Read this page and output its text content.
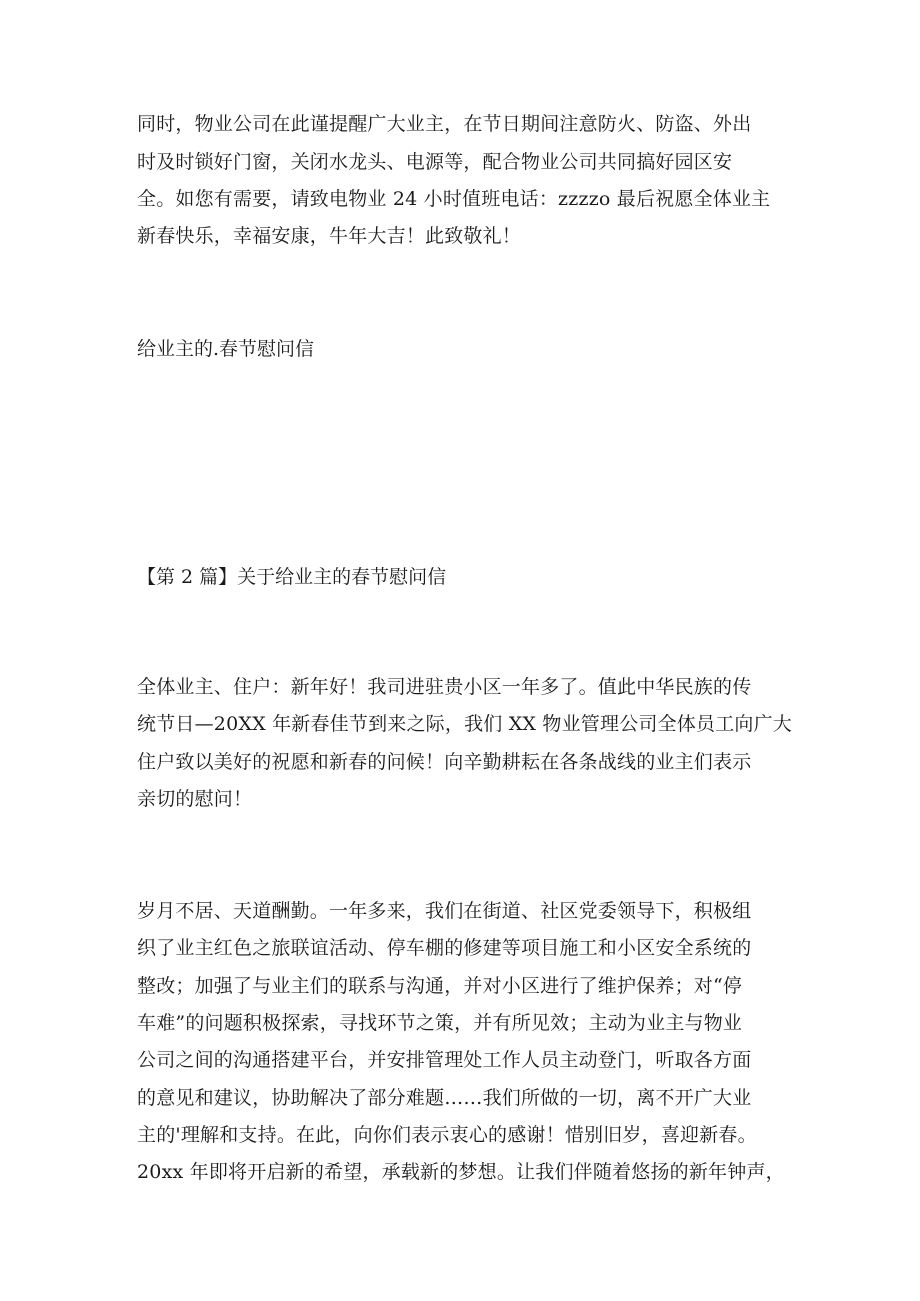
同时，物业公司在此谨提醒广大业主，在节日期间注意防火、防盗、外出
时及时锁好门窗，关闭水龙头、电源等，配合物业公司共同搞好园区安
全。如您有需要，请致电物业 24 小时值班电话：zzzzo 最后祝愿全体业主
新春快乐，幸福安康，牛年大吉！此致敬礼！
给业主的.春节慰问信
【第 2 篇】关于给业主的春节慰问信
全体业主、住户：新年好！我司进驻贵小区一年多了。值此中华民族的传
统节日—20XX 年新春佳节到来之际，我们 XX 物业管理公司全体员工向广大
住户致以美好的祝愿和新春的问候！向辛勤耕耘在各条战线的业主们表示
亲切的慰问！
岁月不居、天道酬勤。一年多来，我们在街道、社区党委领导下，积极组
织了业主红色之旅联谊活动、停车棚的修建等项目施工和小区安全系统的
整改；加强了与业主们的联系与沟通，并对小区进行了维护保养；对“停
车难”的问题积极探索，寻找环节之策，并有所见效；主动为业主与物业
公司之间的沟通搭建平台，并安排管理处工作人员主动登门，听取各方面
的意见和建议，协助解决了部分难题……我们所做的一切，离不开广大业
主的'理解和支持。在此，向你们表示衷心的感谢！惜别旧岁，喜迎新春。
20xx 年即将开启新的希望，承载新的梦想。让我们伴随着悠扬的新年钟声，
